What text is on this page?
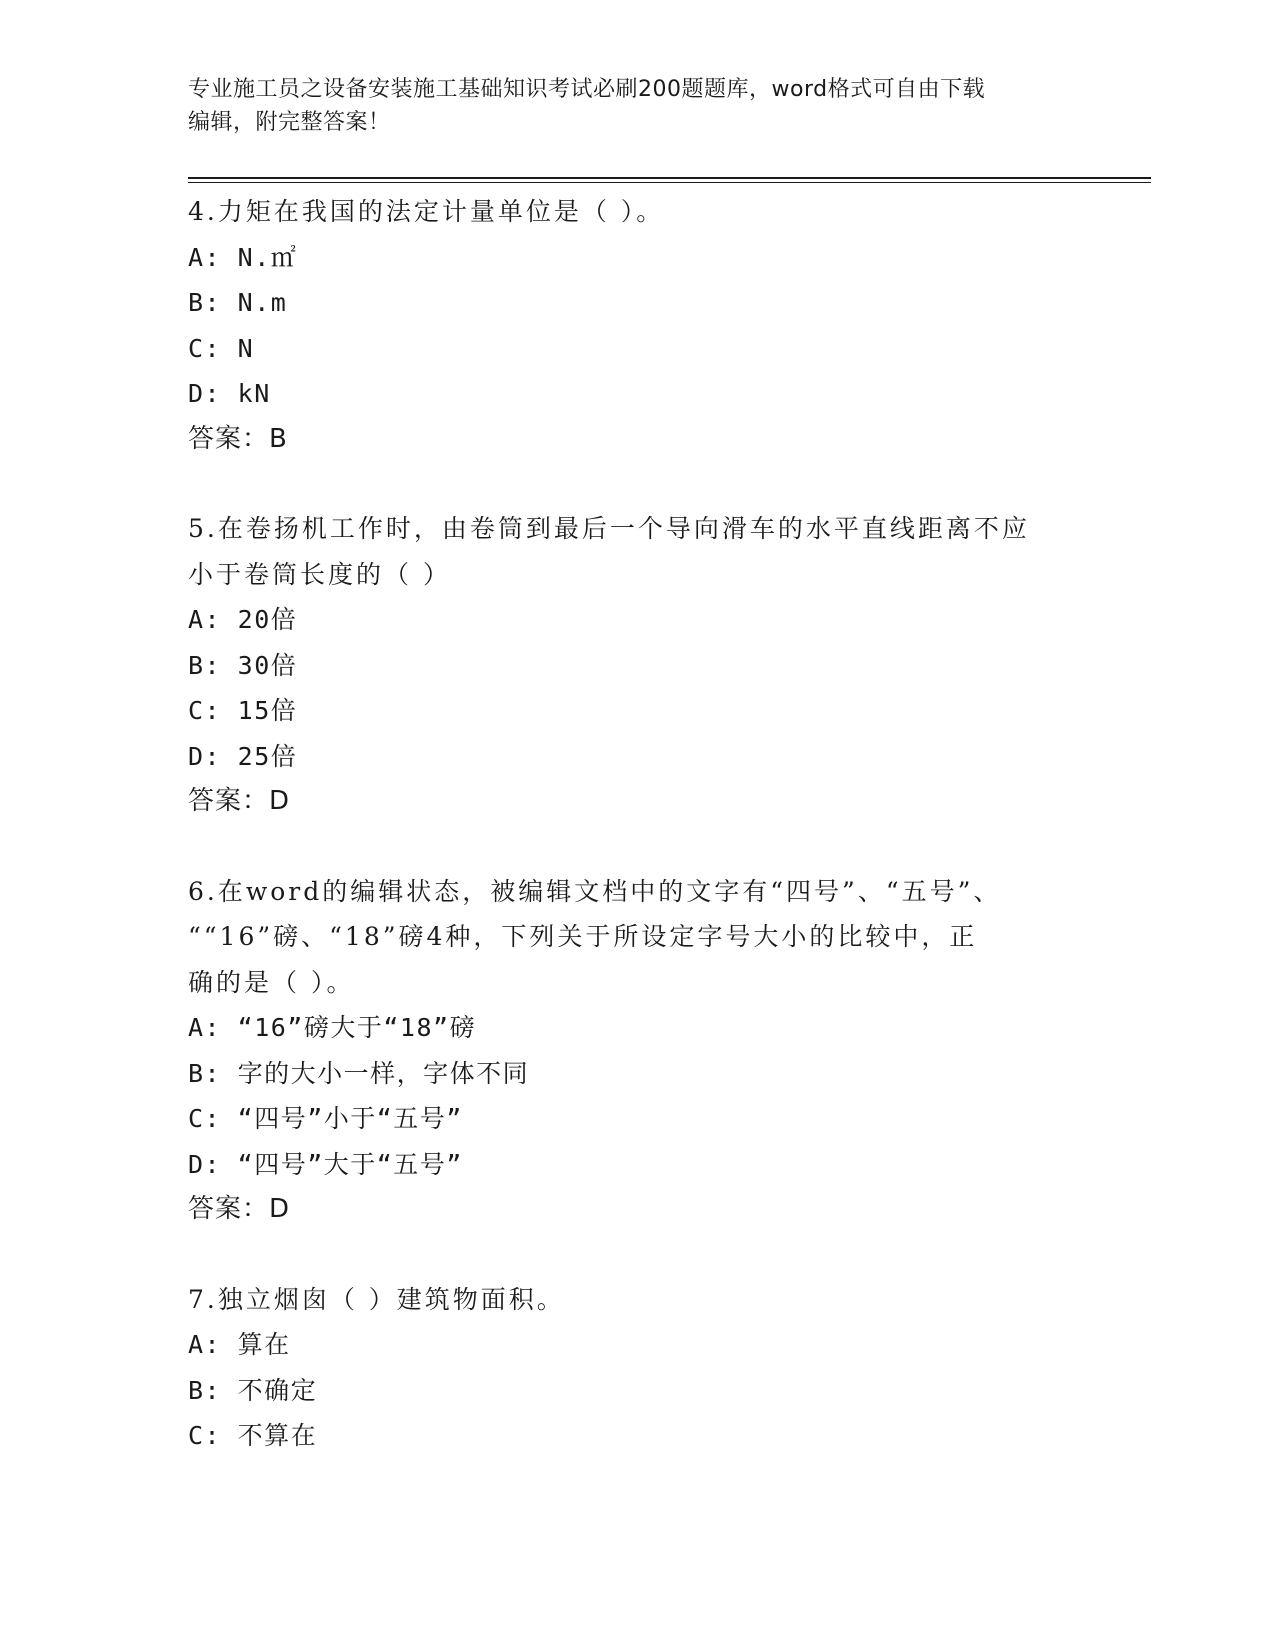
专业施工员之设备安装施工基础知识考试必刷200题题库，word格式可自由下载
编辑，附完整答案！

4.力矩在我国的法定计量单位是（ ）。

A: N.㎡

B: N.m

C: N

D: kN

答案：B

5.在卷扬机工作时，由卷筒到最后一个导向滑车的水平直线距离不应

小于卷筒长度的（ ）

A: 20倍

B: 30倍

C: 15倍

D: 25倍

答案：D

6.在word的编辑状态，被编辑文档中的文字有“四号”、“五号”、

““16”磅、“18”磅4种，下列关于所设定字号大小的比较中，正

确的是（ ）。

A: “16”磅大于“18”磅

B: 字的大小一样，字体不同

C: “四号”小于“五号”

D: “四号”大于“五号”

答案：D

7.独立烟囱（ ）建筑物面积。

A: 算在

B: 不确定

C: 不算在
